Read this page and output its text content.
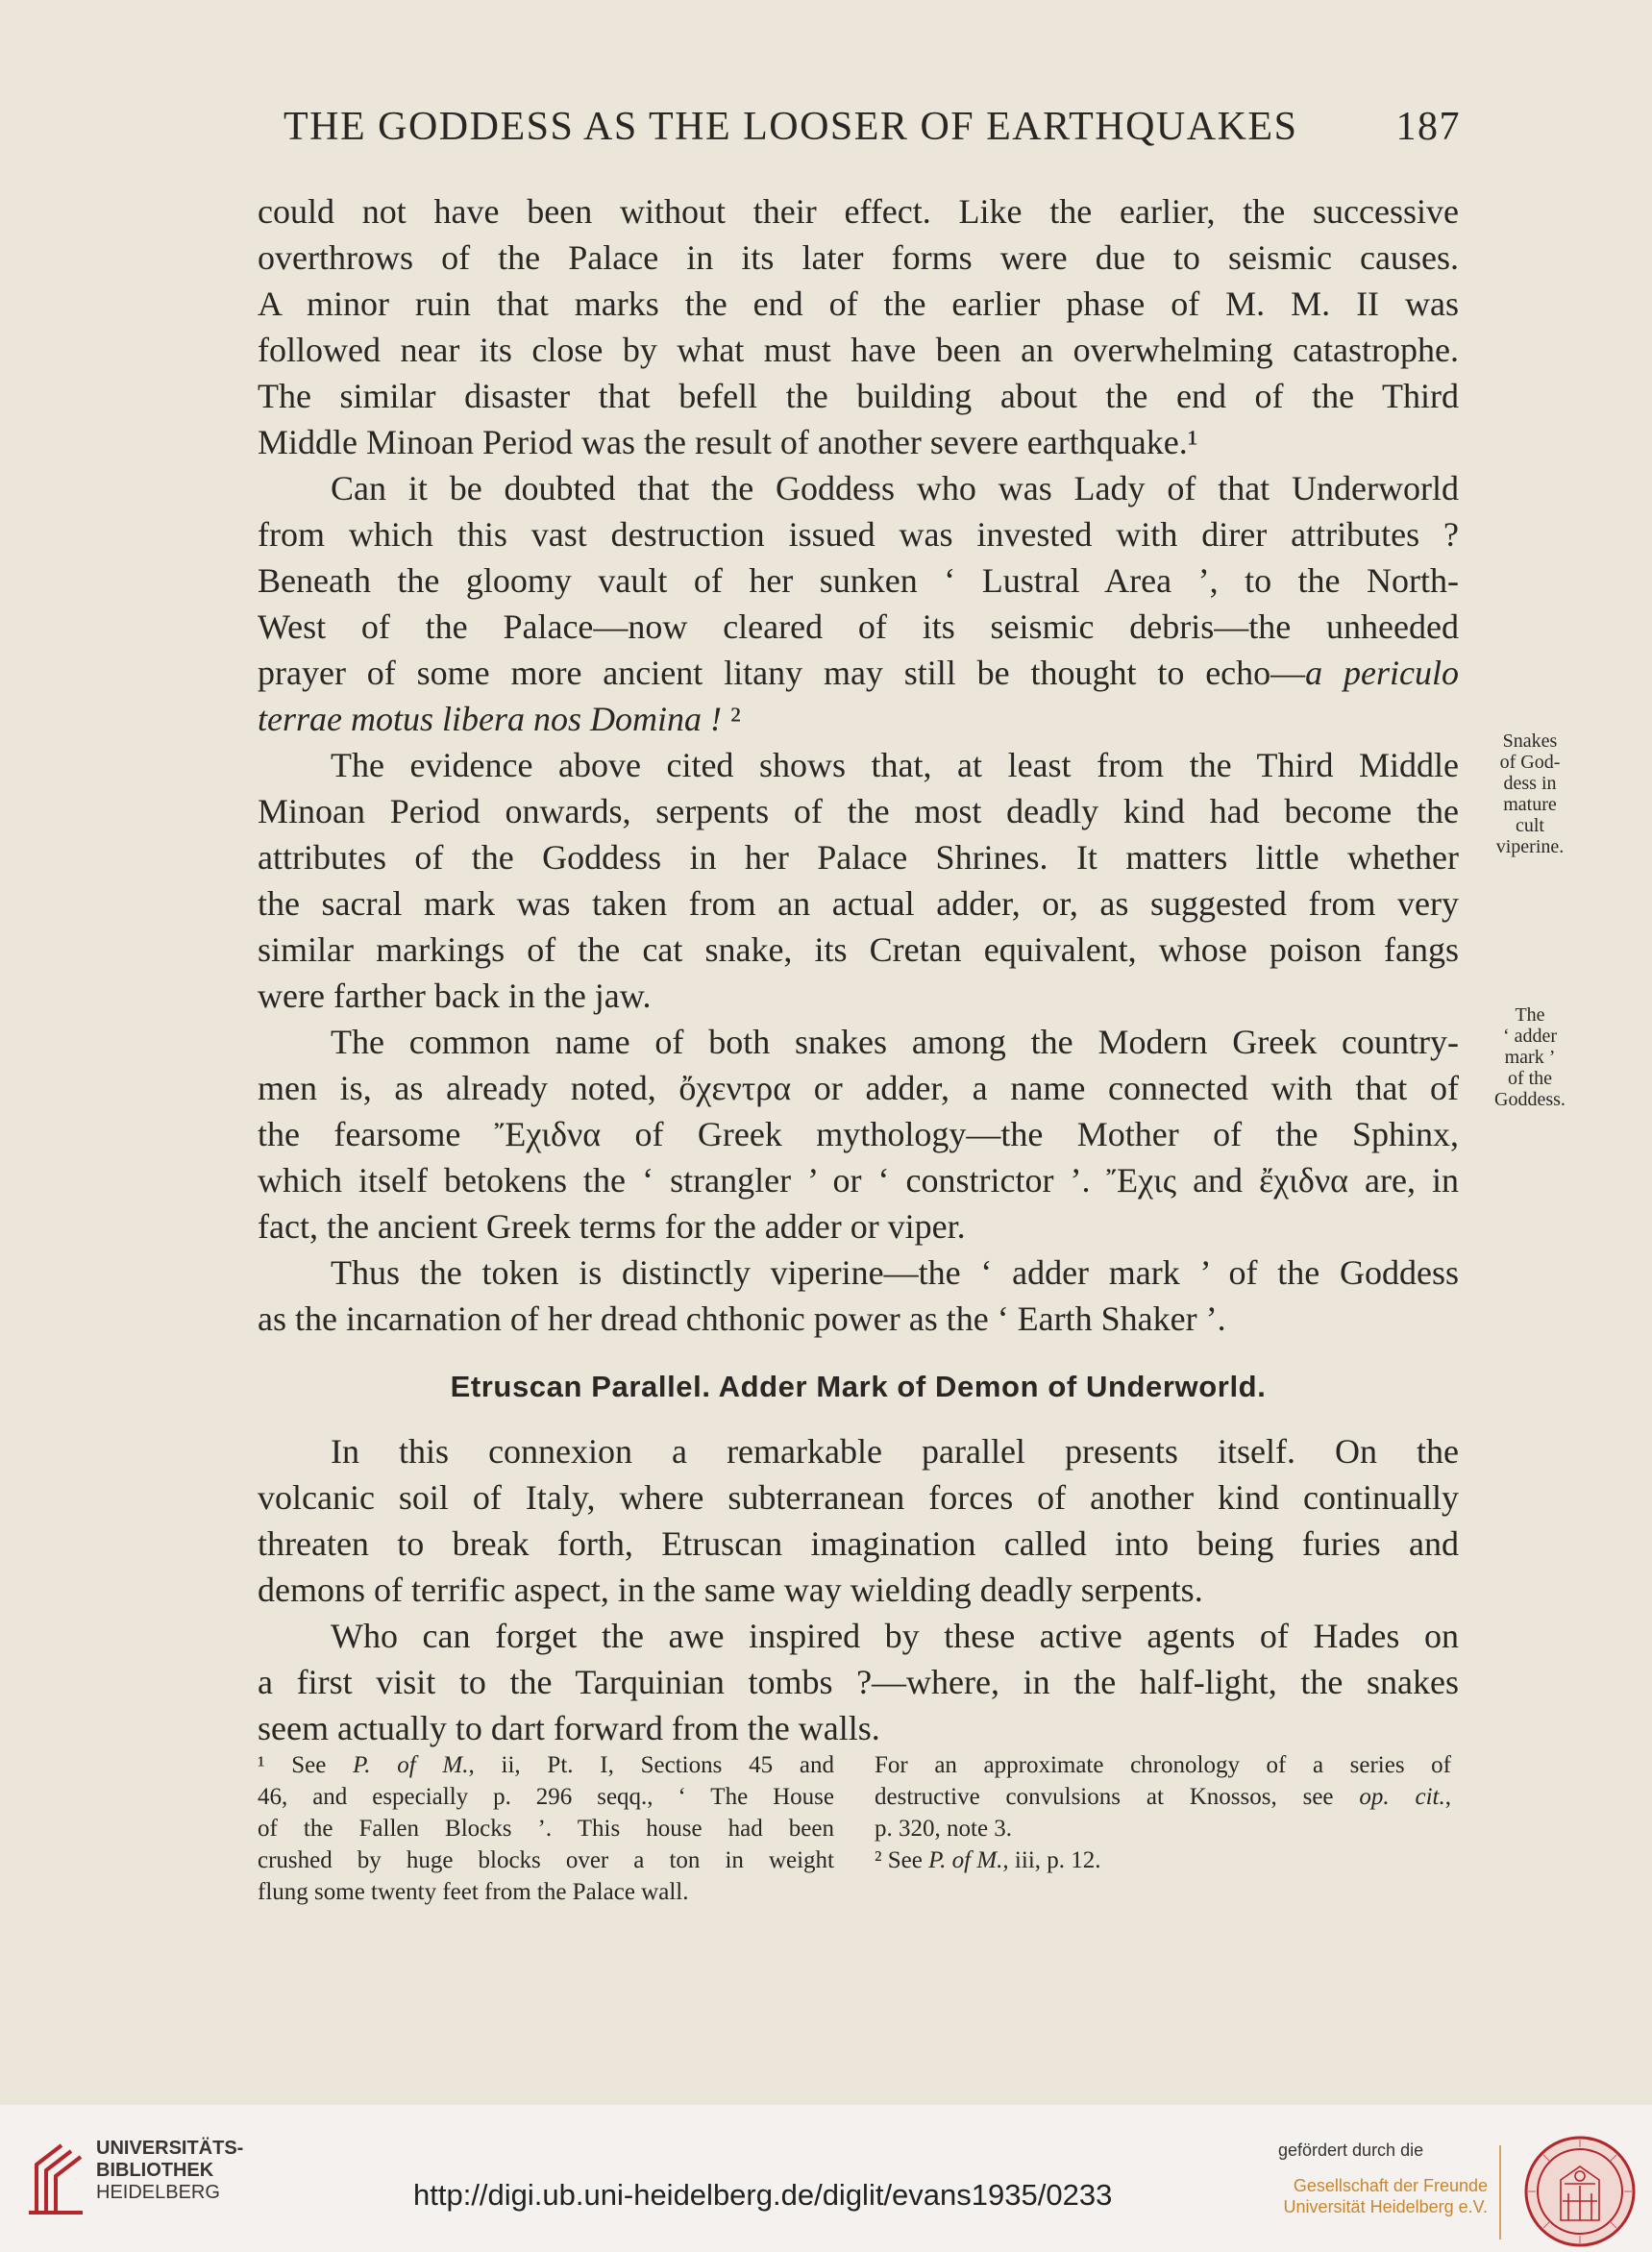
THE GODDESS AS THE LOOSER OF EARTHQUAKES 187
could not have been without their effect. Like the earlier, the successive
overthrows of the Palace in its later forms were due to seismic causes.
A minor ruin that marks the end of the earlier phase of M. M. II was
followed near its close by what must have been an overwhelming catastrophe.
The similar disaster that befell the building about the end of the Third
Middle Minoan Period was the result of another severe earthquake.¹
Can it be doubted that the Goddess who was Lady of that Underworld
from which this vast destruction issued was invested with direr attributes ?
Beneath the gloomy vault of her sunken ‘ Lustral Area ’, to the North-
West of the Palace—now cleared of its seismic debris—the unheeded
prayer of some more ancient litany may still be thought to echo—a periculo
terrae motus libera nos Domina ! ²
The evidence above cited shows that, at least from the Third Middle
Minoan Period onwards, serpents of the most deadly kind had become the
attributes of the Goddess in her Palace Shrines. It matters little whether
the sacral mark was taken from an actual adder, or, as suggested from very
similar markings of the cat snake, its Cretan equivalent, whose poison fangs
were farther back in the jaw.
The common name of both snakes among the Modern Greek country-
men is, as already noted, ὄχεντρα or adder, a name connected with that of
the fearsome Ἔχιδνα of Greek mythology—the Mother of the Sphinx,
which itself betokens the ‘ strangler ’ or ‘ constrictor ’. Ἔχις and ἔχιδνα are, in
fact, the ancient Greek terms for the adder or viper.
Thus the token is distinctly viperine—the ‘ adder mark ’ of the Goddess
as the incarnation of her dread chthonic power as the ‘ Earth Shaker ’.
In this connexion a remarkable parallel presents itself. On the
volcanic soil of Italy, where subterranean forces of another kind continually
threaten to break forth, Etruscan imagination called into being furies and
demons of terrific aspect, in the same way wielding deadly serpents.
Who can forget the awe inspired by these active agents of Hades on
a first visit to the Tarquinian tombs ?—where, in the half-light, the snakes
seem actually to dart forward from the walls.
Etruscan Parallel. Adder Mark of Demon of Underworld.
Snakes
of God-
dess in
mature
cult
viperine.
The
‘ adder
mark ’
of the
Goddess.
¹ See P. of M., ii, Pt. I, Sections 45 and
46, and especially p. 296 seqq., ‘ The House
of the Fallen Blocks ’. This house had been
crushed by huge blocks over a ton in weight
flung some twenty feet from the Palace wall.
For an approximate chronology of a series of
destructive convulsions at Knossos, see op. cit.,
p. 320, note 3.
² See P. of M., iii, p. 12.
UNIVERSITÄTS-
BIBLIOTHEK
HEIDELBERG	http://digi.ub.uni-heidelberg.de/diglit/evans1935/0233
gefördert durch die
Gesellschaft der Freunde
Universität Heidelberg e.V.
